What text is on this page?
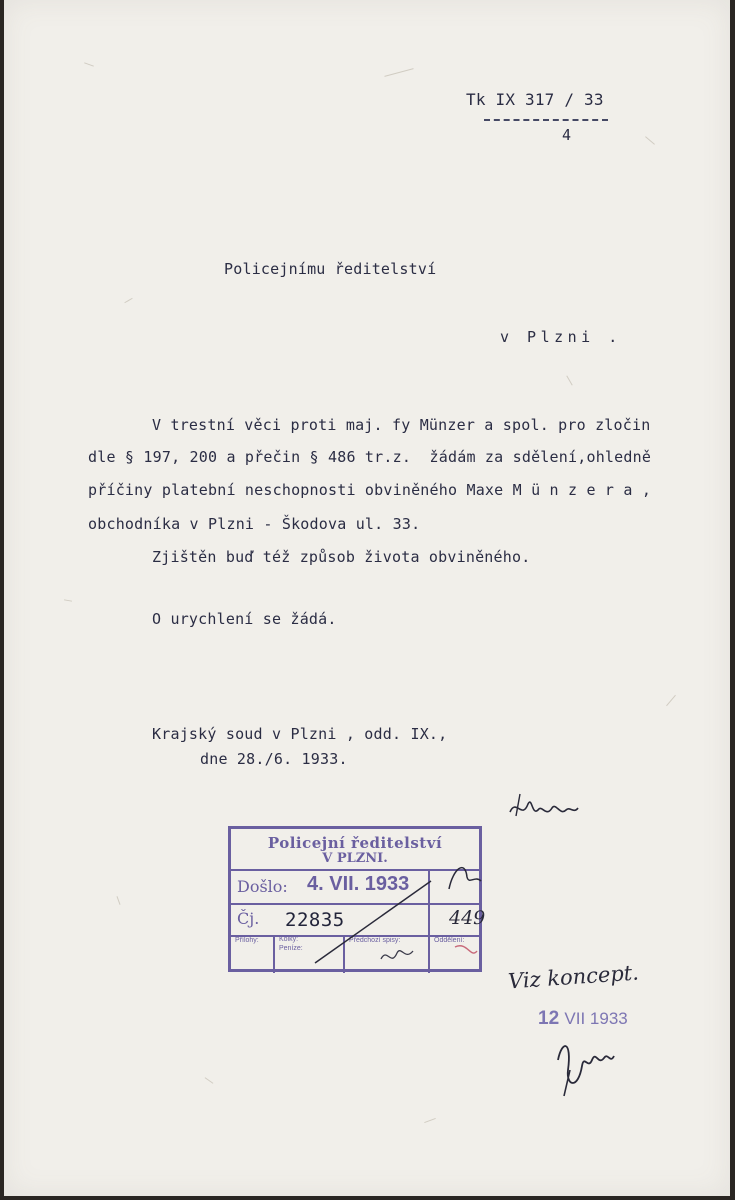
Tk IX 317 / 33
4
Policejnímu ředitelství
v Plzni .
V trestní věci proti maj. fy Münzer a spol. pro zločin
dle § 197, 200 a přečin § 486 tr.z.  žádám za sdělení,ohledně
příčiny platební neschopnosti obviněného Maxe M ü n z e r a ,
obchodníka v Plzni - Škodova ul. 33.
Zjištěn buď též způsob života obviněného.
O urychlení se žádá.
Krajský soud v Plzni , odd. IX.,
dne 28./6. 1933.
Policejní ředitelství
V PLZNI.
Došlo: 4. VII. 1933
Čj. 22835
Přílohy:	Kolky:
Peníze:
Předchozí spisy:	Oddělení:
449
Viz koncept.
12 VII 1933
